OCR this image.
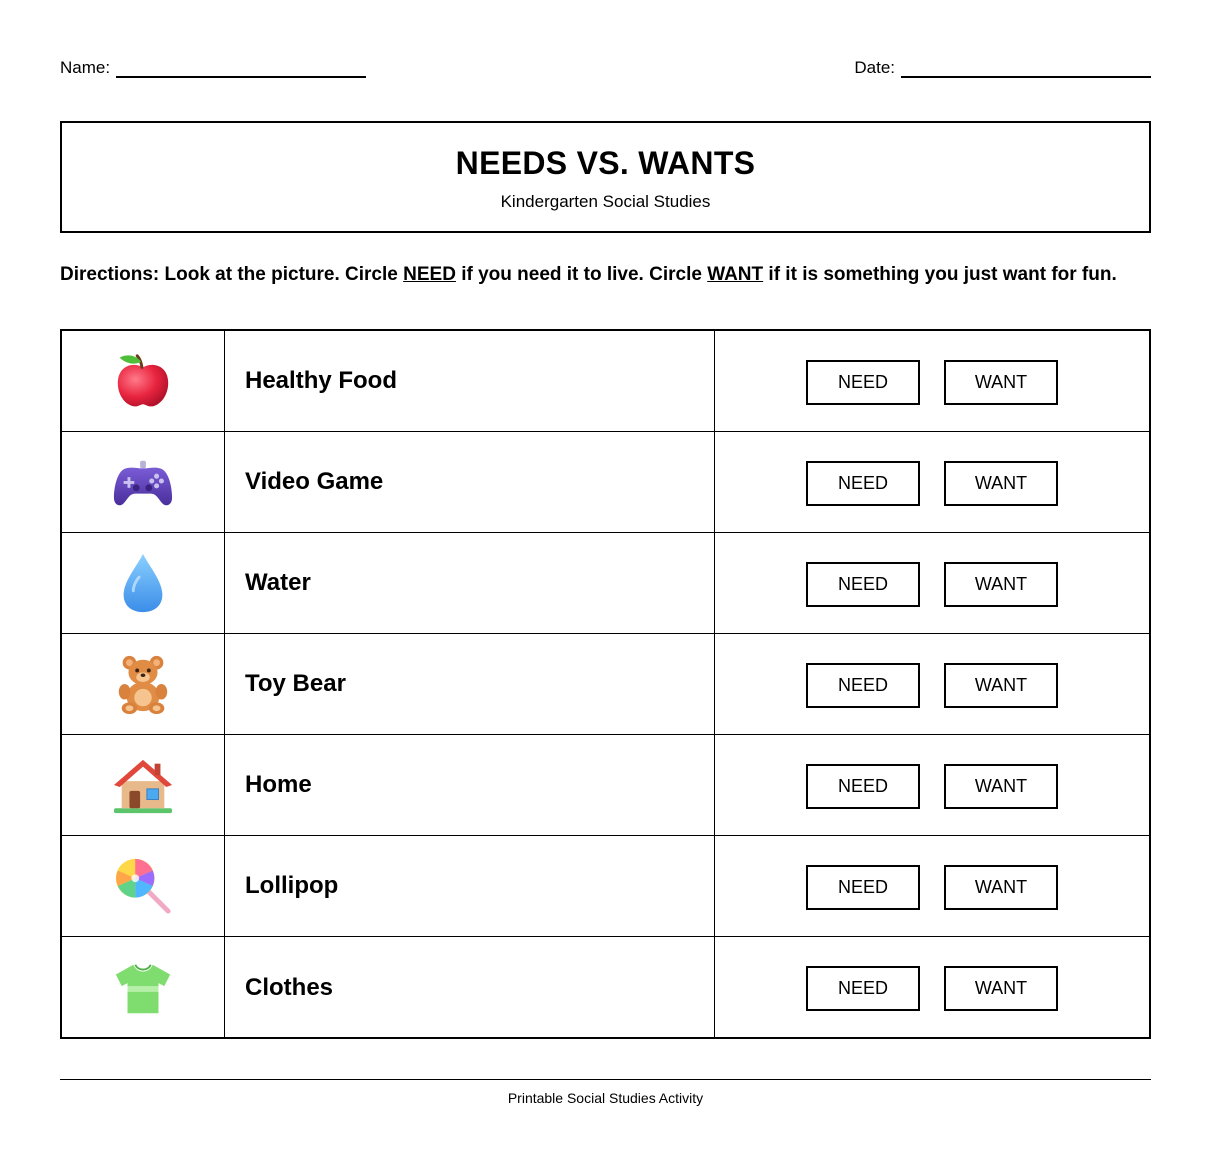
Name:	Date:
NEEDS VS. WANTS
Kindergarten Social Studies
Directions: Look at the picture. Circle NEED if you need it to live. Circle WANT if it is something you just want for fun.
Healthy Food	NEED	WANT
Video Game	NEED	WANT
Water	NEED	WANT
Toy Bear	NEED	WANT
Home	NEED	WANT
Lollipop	NEED	WANT
Clothes	NEED	WANT
Printable Social Studies Activity
